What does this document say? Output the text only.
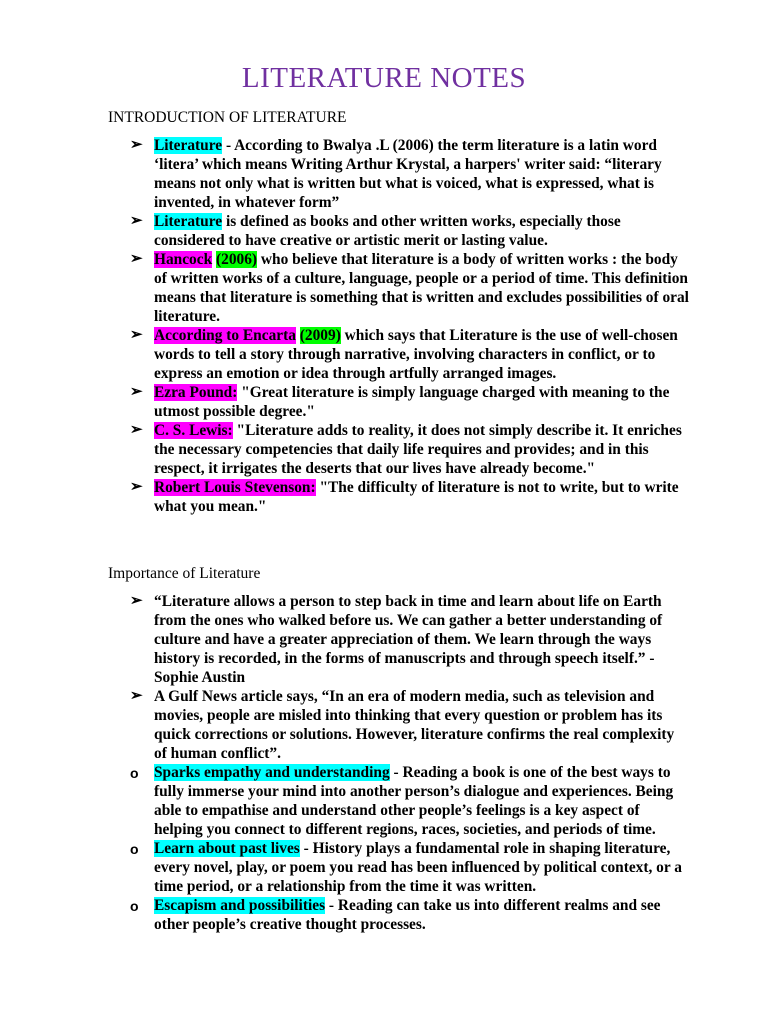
LITERATURE NOTES
INTRODUCTION OF LITERATURE
➢ Literature - According to Bwalya .L (2006) the term literature is a latin word ‘litera’ which means Writing Arthur Krystal, a harpers' writer said: “literary means not only what is written but what is voiced, what is expressed, what is invented, in whatever form”
➢ Literature is defined as books and other written works, especially those considered to have creative or artistic merit or lasting value.
➢ Hancock (2006) who believe that literature is a body of written works : the body of written works of a culture, language, people or a period of time. This definition means that literature is something that is written and excludes possibilities of oral literature.
➢ According to Encarta (2009) which says that Literature is the use of well-chosen words to tell a story through narrative, involving characters in conflict, or to express an emotion or idea through artfully arranged images.
➢ Ezra Pound: "Great literature is simply language charged with meaning to the utmost possible degree."
➢ C. S. Lewis: "Literature adds to reality, it does not simply describe it. It enriches the necessary competencies that daily life requires and provides; and in this respect, it irrigates the deserts that our lives have already become."
➢ Robert Louis Stevenson: "The difficulty of literature is not to write, but to write what you mean."
Importance of Literature
➢ “Literature allows a person to step back in time and learn about life on Earth from the ones who walked before us. We can gather a better understanding of culture and have a greater appreciation of them. We learn through the ways history is recorded, in the forms of manuscripts and through speech itself.” - Sophie Austin
➢ A Gulf News article says, “In an era of modern media, such as television and movies, people are misled into thinking that every question or problem has its quick corrections or solutions. However, literature confirms the real complexity of human conflict”.
o	Sparks empathy and understanding - Reading a book is one of the best ways to fully immerse your mind into another person’s dialogue and experiences. Being able to empathise and understand other people’s feelings is a key aspect of helping you connect to different regions, races, societies, and periods of time.
o	Learn about past lives - History plays a fundamental role in shaping literature, every novel, play, or poem you read has been influenced by political context, or a time period, or a relationship from the time it was written.
o	Escapism and possibilities - Reading can take us into different realms and see other people’s creative thought processes.
